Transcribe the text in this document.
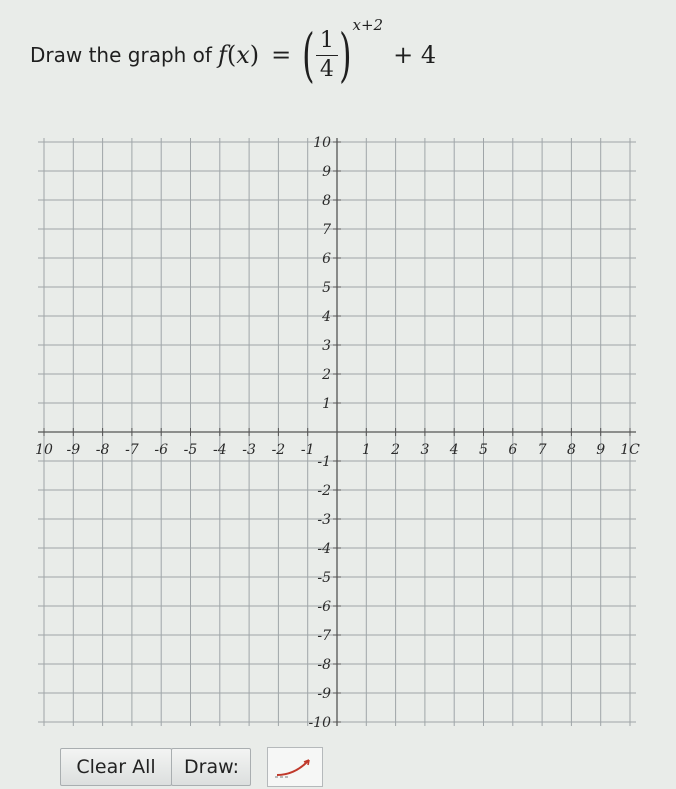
Draw the graph of f ( x ) = ( $\frac{1}{4}$ ) x+2
+ 4
10 -9 -8 -7 -6 -5 -4 -3 -2 -1	1 2 3 4 5 6 7 8 9 1C
10
9
8
7
6
5
4
3
2
1
-1
-2
-3
-4
-5
-6
-7
-8
-9
-10
Clear All	Draw:
